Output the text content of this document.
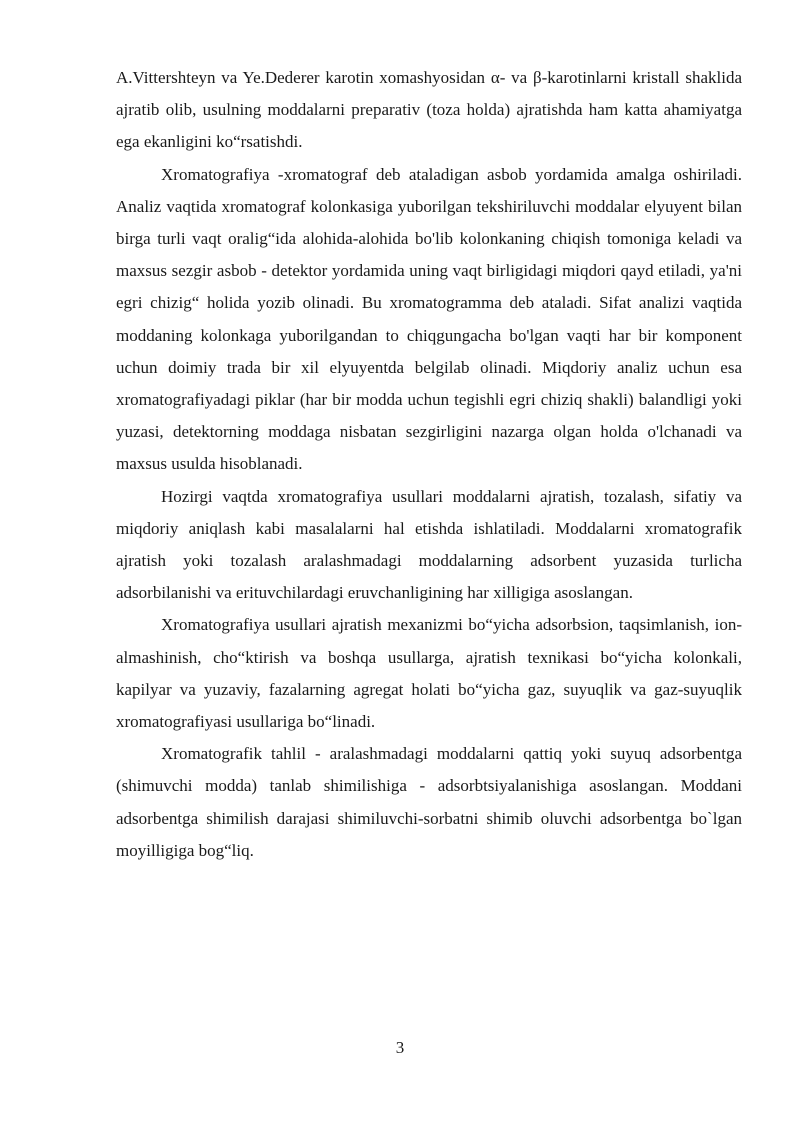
A.Vittershteyn va Ye.Dederer karotin xomashyosidan α- va β-karotinlarni kristall shaklida ajratib olib, usulning moddalarni preparativ (toza holda) ajratishda ham katta ahamiyatga ega ekanligini ko“rsatishdi.

Xromatografiya -xromatograf deb ataladigan asbob yordamida amalga oshiriladi. Analiz vaqtida xromatograf kolonkasiga yuborilgan tekshiriluvchi moddalar elyuyent bilan birga turli vaqt oralig“ida alohida-alohida bo'lib kolonkaning chiqish tomoniga keladi va maxsus sezgir asbob - detektor yordamida uning vaqt birligidagi miqdori qayd etiladi, ya'ni egri chizig“ holida yozib olinadi. Bu xromatogramma deb ataladi. Sifat analizi vaqtida moddaning kolonkaga yuborilgandan to chiqgungacha bo'lgan vaqti har bir komponent uchun doimiy trada bir xil elyuyentda belgilab olinadi. Miqdoriy analiz uchun esa xromatografiyadagi piklar (har bir modda uchun tegishli egri chiziq shakli) balandligi yoki yuzasi, detektorning moddaga nisbatan sezgirligini nazarga olgan holda o'lchanadi va maxsus usulda hisoblanadi.

Hozirgi vaqtda xromatografiya usullari moddalarni ajratish, tozalash, sifatiy va miqdoriy aniqlash kabi masalalarni hal etishda ishlatiladi. Moddalarni xromatografik ajratish yoki tozalash aralashmadagi moddalarning adsorbent yuzasida turlicha adsorbilanishi va erituvchilardagi eruvchanligining har xilligiga asoslangan.

Xromatografiya usullari ajratish mexanizmi bo“yicha adsorbsion, taqsimlanish, ion-almashinish, cho“ktirish va boshqa usullarga, ajratish texnikasi bo“yicha kolonkali, kapilyar va yuzaviy, fazalarning agregat holati bo“yicha gaz, suyuqlik va gaz-suyuqlik xromatografiyasi usullariga bo“linadi.

Xromatografik tahlil - aralashmadagi moddalarni qattiq yoki suyuq adsorbentga (shimuvchi modda) tanlab shimilishiga - adsorbtsiyalanishiga asoslangan. Moddani adsorbentga shimilish darajasi shimiluvchi-sorbatni shimib oluvchi adsorbentga bo`lgan moyilligiga bog“liq.

3
